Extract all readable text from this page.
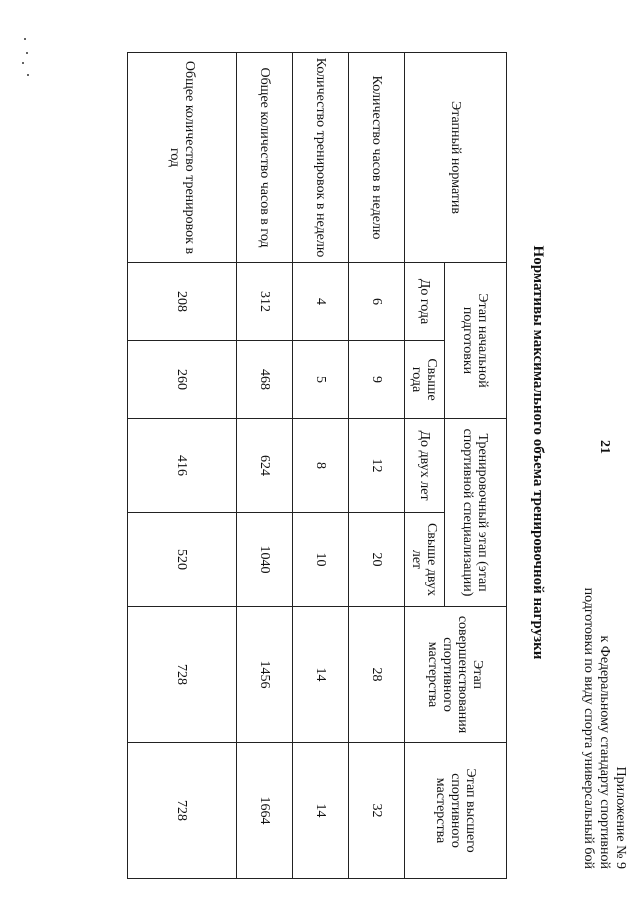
Приложение № 9
к Федеральному стандарту спортивной
подготовки по виду спорта универсальный бой
21
Нормативы максимального объема тренировочной нагрузки
Этапный норматив	Этап начальной подготовки		Тренировочный этап (этап спортивной специализации)		Этап совершенствования спортивного мастерства	Этап высшего спортивного мастерства
	До года	Свыше года	До двух лет	Свыше двух лет		
Количество часов в неделю	6	9	12	20	28	32
Количество тренировок в неделю	4	5	8	10	14	14
Общее количество часов в год	312	468	624	1040	1456	1664
Общее количество тренировок в год	208	260	416	520	728	728
